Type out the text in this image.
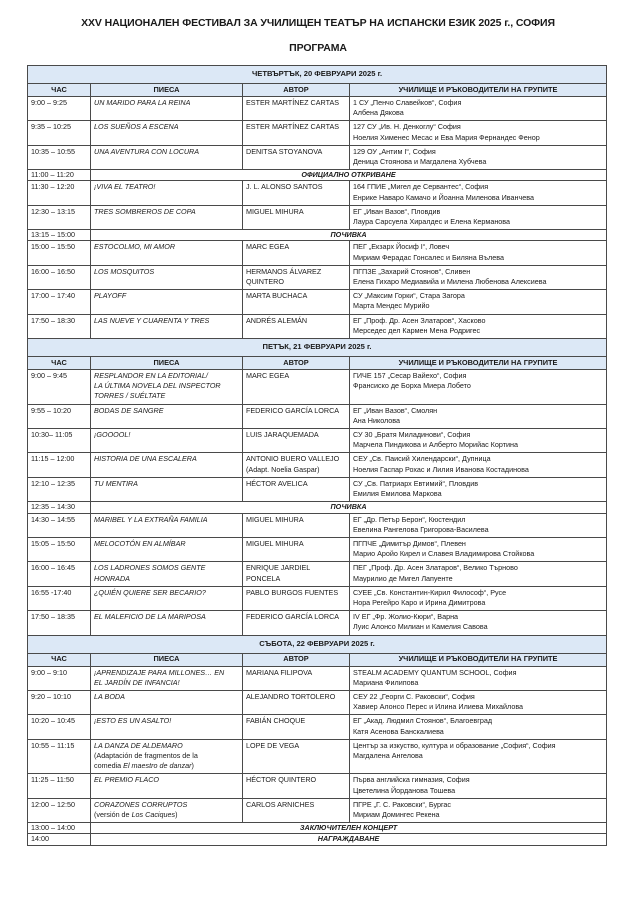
XXV НАЦИОНАЛЕН ФЕСТИВАЛ ЗА УЧИЛИЩЕН ТЕАТЪР НА ИСПАНСКИ ЕЗИК 2025 г., СОФИЯ
ПРОГРАМА
ЧЕТВЪРТЪК, 20 ФЕВРУАРИ 2025 г.			
ЧАС	ПИЕСА	АВТОР	УЧИЛИЩЕ И РЪКОВОДИТЕЛИ НА ГРУПИТЕ
9:00 – 9:25	UN MARIDO PARA LA REINA	ESTER MARTÍNEZ CARTAS	1 СУ „Пенчо Славейков“, София
Албена Дякова

9:35 – 10:25	LOS SUEÑOS A ESCENA	ESTER MARTÍNEZ CARTAS	127 СУ „Ив. Н. Денкоглу“ София
Ноелия Хименес Месас и Ева Мария Фернандес Фенор

10:35 – 10:55	UNA AVENTURA CON LOCURA	DENITSA STOYANOVA	129 ОУ „Антим I“, София
Деница Стоянова и Магдалена Хубчева

11:00 – 11:20	ОФИЦИАЛНО ОТКРИВАНЕ		
11:30 – 12:20	¡VIVA EL TEATRO!	J. L. ALONSO SANTOS	164 ГПИЕ „Мигел де Сервантес“, София
Енрике Наваро Камачо и Йоанна Миленова Иванчева

12:30 – 13:15	TRES SOMBREROS DE COPA	MIGUEL MIHURA	ЕГ „Иван Вазов“, Пловдив
Лаура Сарсуела Хиралдес и Елена Керманова

13:15 – 15:00	ПОЧИВКА		
15:00 – 15:50	ESTOCOLMO, MI AMOR	MARC EGEA	ПЕГ „Екзарх Йосиф I“, Ловеч
Мириам Ферадас Гонсалес и Биляна Вълева

16:00 – 16:50	LOS MOSQUITOS	HERMANOS ÁLVAREZ
QUINTERO	ПГПЗЕ „Захарий Стоянов“, Сливен
Елена Гихаро Медиавийа и Милена Любенова Алексиева

17:00 – 17:40	PLAYOFF	MARTA BUCHACA	СУ „Максим Горки“, Стара Загора
Марта Мендес Мурийо

17:50 – 18:30	LAS NUEVE Y CUARENTA Y TRES	ANDRÉS ALEMÁN	ЕГ „Проф. Др. Асен Златаров“, Хасково
Мерседес дел Кармен Мена Родригес

ПЕТЪК, 21 ФЕВРУАРИ 2025 г.			
ЧАС	ПИЕСА	АВТОР	УЧИЛИЩЕ И РЪКОВОДИТЕЛИ НА ГРУПИТЕ
9:00 – 9:45	RESPLANDOR EN LA EDITORIAL/
LA ÚLTIMA NOVELA DEL INSPECTOR
TORRES / SUÉLTATE	MARC EGEA	ГИЧЕ 157 „Сесар Вайехо“, София
Франсиско де Борха Миера Лобето

9:55 – 10:20	BODAS DE SANGRE	FEDERICO GARCÍA LORCA	ЕГ „Иван Вазов“, Смолян
Ана Николова

10:30– 11:05	¡GOOOOL!	LUIS JARAQUEMADA	СУ 30 „Братя Миладинови“, София
Марчела Пиндикова и Алберто Морийас Кортина

11:15 – 12:00	HISTORIA DE UNA ESCALERA	ANTONIO BUERO VALLEJO
(Adapt. Noelia Gaspar)	СЕУ „Св. Паисий Хилендарски“, Дупница
Ноелия Гаспар Рохас и Лилия Иванова Костадинова

12:10 – 12:35	TU MENTIRA	HÉCTOR AVELICA	СУ „Св. Патриарх Евтимий“, Пловдив
Емилия Емилова Маркова

12:35 – 14:30	ПОЧИВКА		
14:30 – 14:55	MARIBEL Y LA EXTRAÑA FAMILIA	MIGUEL MIHURA	ЕГ „Др. Петър Берон“, Кюстендил
Евелина Рангелова Григорова-Василева

15:05 – 15:50	MELOCOTÓN EN ALMÍBAR	MIGUEL MIHURA	ПГПЧЕ „Димитър Димов“, Плевен
Марио Аройо Кирел и Славея Владимирова Стойкова

16:00 – 16:45	LOS LADRONES SOMOS GENTE
HONRADA	ENRIQUE JARDIEL
PONCELA	ПЕГ „Проф. Др. Асен Златаров“, Велико Търново
Маурилио де Мигел Лапуенте

16:55 -17:40	¿QUIÉN QUIERE SER BECARIO?	PABLO BURGOS FUENTES	СУЕЕ „Св. Константин-Кирил Философ“, Русе
Нора Регейро Каро и Ирина Димитрова

17:50 – 18:35	EL MALEFICIO DE LA MARIPOSA	FEDERICO GARCÍA LORCA	IV ЕГ „Фр. Жолио-Кюри“, Варна
Луис Алонсо Милиан и Камелия Савова

СЪБОТА, 22 ФЕВРУАРИ 2025 г.			
ЧАС	ПИЕСА	АВТОР	УЧИЛИЩЕ И РЪКОВОДИТЕЛИ НА ГРУПИТЕ
9:00 – 9:10	¡APRENDIZAJE PARA MILLONES… EN
EL JARDÍN DE INFANCIA!	MARIANA FILIPOVA	STEALM ACADEMY QUANTUM SCHOOL, София
Мариана Филипова

9:20 – 10:10	LA BODA	ALEJANDRO TORTOLERO	СЕУ 22 „Георги С. Раковски“, София
Хавиер Алонсо Перес и Илина Илиева Михайлова

10:20 – 10:45	¡ESTO ES UN ASALTO!	FABIÁN CHOQUE	ЕГ „Акад. Людмил Стоянов“, Благоевград
Катя Асенова Банскалиева

10:55 – 11:15	LA DANZA DE ALDEMARO
(Adaptación de fragmentos de la
comedia El maestro de danzar)	LOPE DE VEGA	Център за изкуство, култура и образование „София“, София
Магдалена Ангелова

11:25 – 11:50	EL PREMIO FLACO	HÉCTOR QUINTERO	Първа английска гимназия, София
Цветелина Йорданова Тошева

12:00 – 12:50	CORAZONES CORRUPTOS
(versión de Los Caciques)	CARLOS ARNICHES	ПГРЕ „Г. С. Раковски“, Бургас
Мириам Домингес Рекена

13:00 – 14:00	ЗАКЛЮЧИТЕЛЕН КОНЦЕРТ		
14:00	НАГРАЖДАВАНЕ		
